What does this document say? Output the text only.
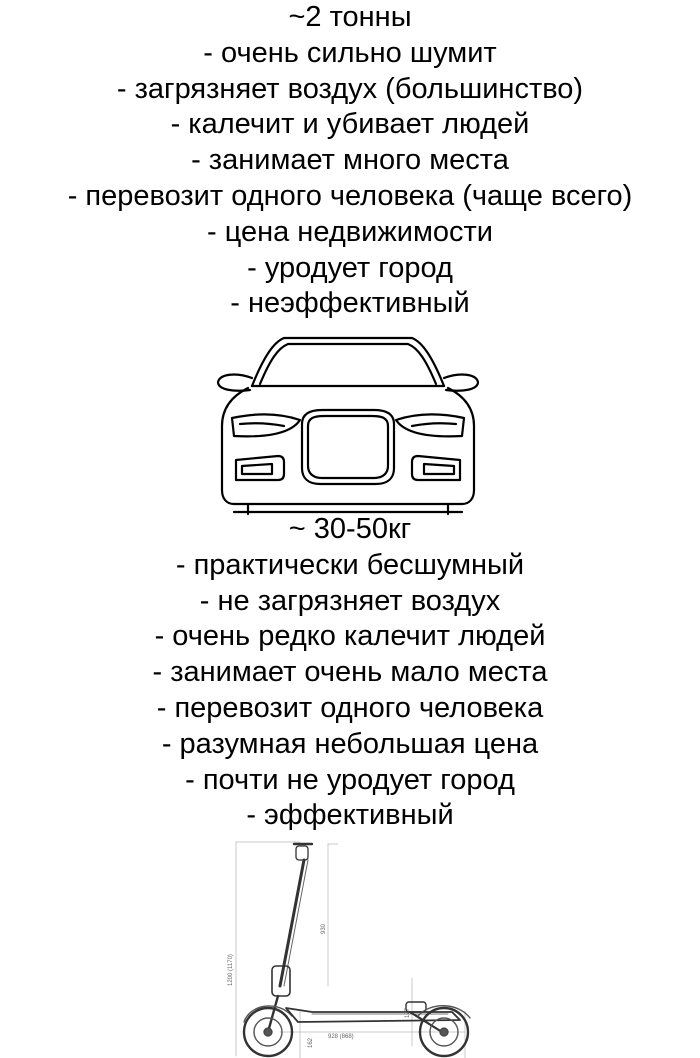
~2 тонны
- очень сильно шумит
- загрязняет воздух (большинство)
- калечит и убивает людей
- занимает много места
- перевозит одного человека (чаще всего)
- цена недвижимости
- уродует город
- неэффективный
~ 30-50кг
- практически бесшумный
- не загрязняет воздух
- очень редко калечит людей
- занимает очень мало места
- перевозит одного человека
- разумная небольшая цена
- почти не уродует город
- эффективный
1200 (1170)
930
177
162
928 (868)
